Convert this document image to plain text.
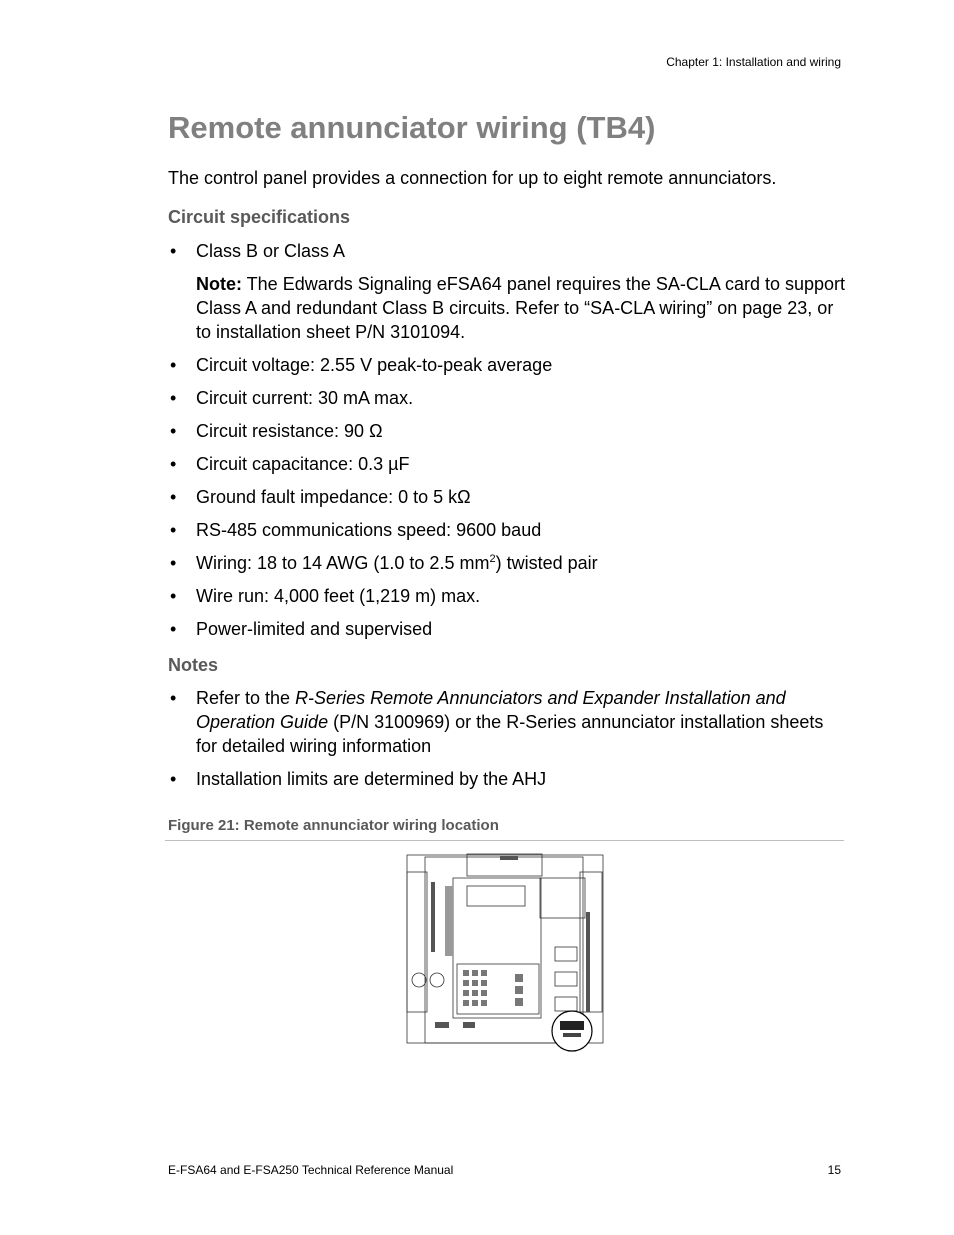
Chapter 1: Installation and wiring
Remote annunciator wiring (TB4)

The control panel provides a connection for up to eight remote annunciators.

Circuit specifications
• Class B or Class A
Note: The Edwards Signaling eFSA64 panel requires the SA-CLA card to support Class A and redundant Class B circuits. Refer to “SA-CLA wiring” on page 23, or to installation sheet P/N 3101094.
• Circuit voltage: 2.55 V peak-to-peak average
• Circuit current: 30 mA max.
• Circuit resistance: 90 Ω
• Circuit capacitance: 0.3 µF
• Ground fault impedance: 0 to 5 kΩ
• RS-485 communications speed: 9600 baud
• Wiring: 18 to 14 AWG (1.0 to 2.5 $mm^2$) twisted pair
• Wire run: 4,000 feet (1,219 m) max.
• Power-limited and supervised
Notes
• Refer to the R-Series Remote Annunciators and Expander Installation and Operation Guide (P/N 3100969) or the R-Series annunciator installation sheets for detailed wiring information
• Installation limits are determined by the AHJ
Figure 21: Remote annunciator wiring location
E-FSA64 and E-FSA250 Technical Reference Manual	15
